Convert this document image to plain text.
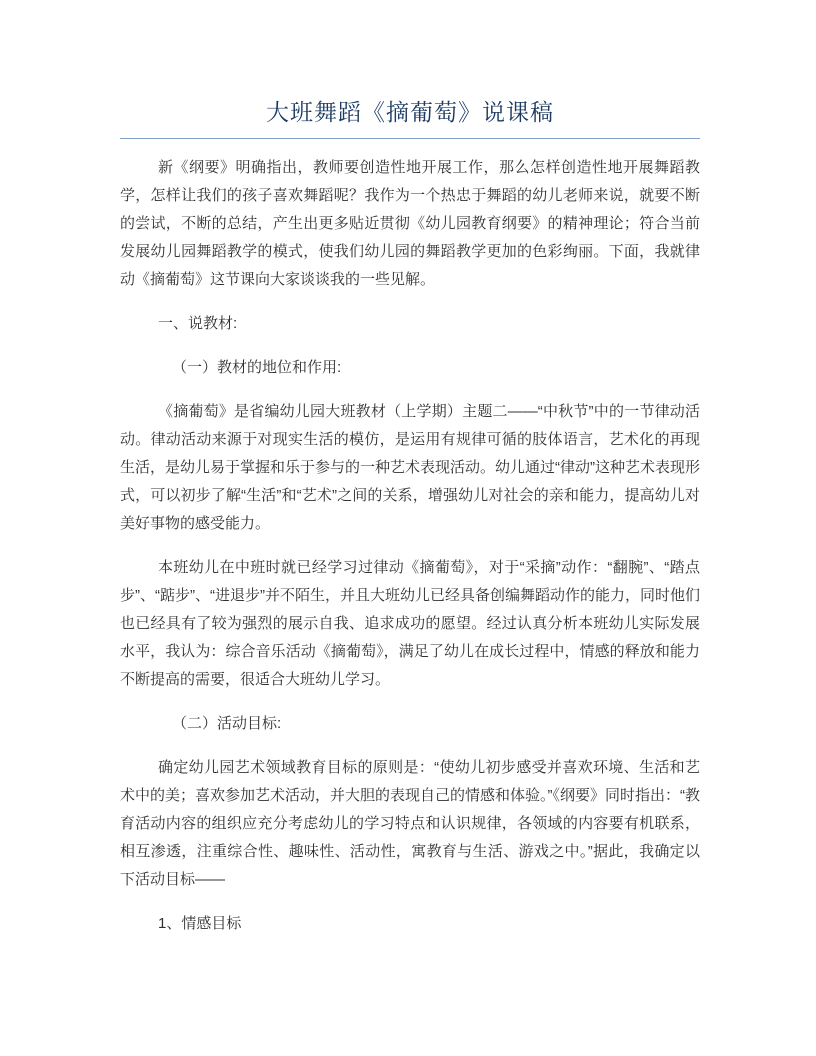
大班舞蹈《摘葡萄》说课稿

新《纲要》明确指出，教师要创造性地开展工作，那么怎样创造性地开展舞蹈教学，怎样让我们的孩子喜欢舞蹈呢？我作为一个热忠于舞蹈的幼儿老师来说，就要不断的尝试，不断的总结，产生出更多贴近贯彻《幼儿园教育纲要》的精神理论；符合当前发展幼儿园舞蹈教学的模式，使我们幼儿园的舞蹈教学更加的色彩绚丽。下面，我就律动《摘葡萄》这节课向大家谈谈我的一些见解。

一、说教材:

（一）教材的地位和作用:

《摘葡萄》是省编幼儿园大班教材（上学期）主题二——“中秋节”中的一节律动活动。律动活动来源于对现实生活的模仿，是运用有规律可循的肢体语言，艺术化的再现生活，是幼儿易于掌握和乐于参与的一种艺术表现活动。幼儿通过“律动”这种艺术表现形式，可以初步了解“生活”和“艺术”之间的关系，增强幼儿对社会的亲和能力，提高幼儿对美好事物的感受能力。

本班幼儿在中班时就已经学习过律动《摘葡萄》，对于“采摘”动作：“翻腕”、“踏点步”、“踮步”、“进退步”并不陌生，并且大班幼儿已经具备创编舞蹈动作的能力，同时他们也已经具有了较为强烈的展示自我、追求成功的愿望。经过认真分析本班幼儿实际发展水平，我认为：综合音乐活动《摘葡萄》，满足了幼儿在成长过程中，情感的释放和能力不断提高的需要，很适合大班幼儿学习。

（二）活动目标:

确定幼儿园艺术领域教育目标的原则是：“使幼儿初步感受并喜欢环境、生活和艺术中的美；喜欢参加艺术活动，并大胆的表现自己的情感和体验。”《纲要》同时指出：“教育活动内容的组织应充分考虑幼儿的学习特点和认识规律，各领域的内容要有机联系，相互渗透，注重综合性、趣味性、活动性，寓教育与生活、游戏之中。”据此，我确定以下活动目标——

1、情感目标
